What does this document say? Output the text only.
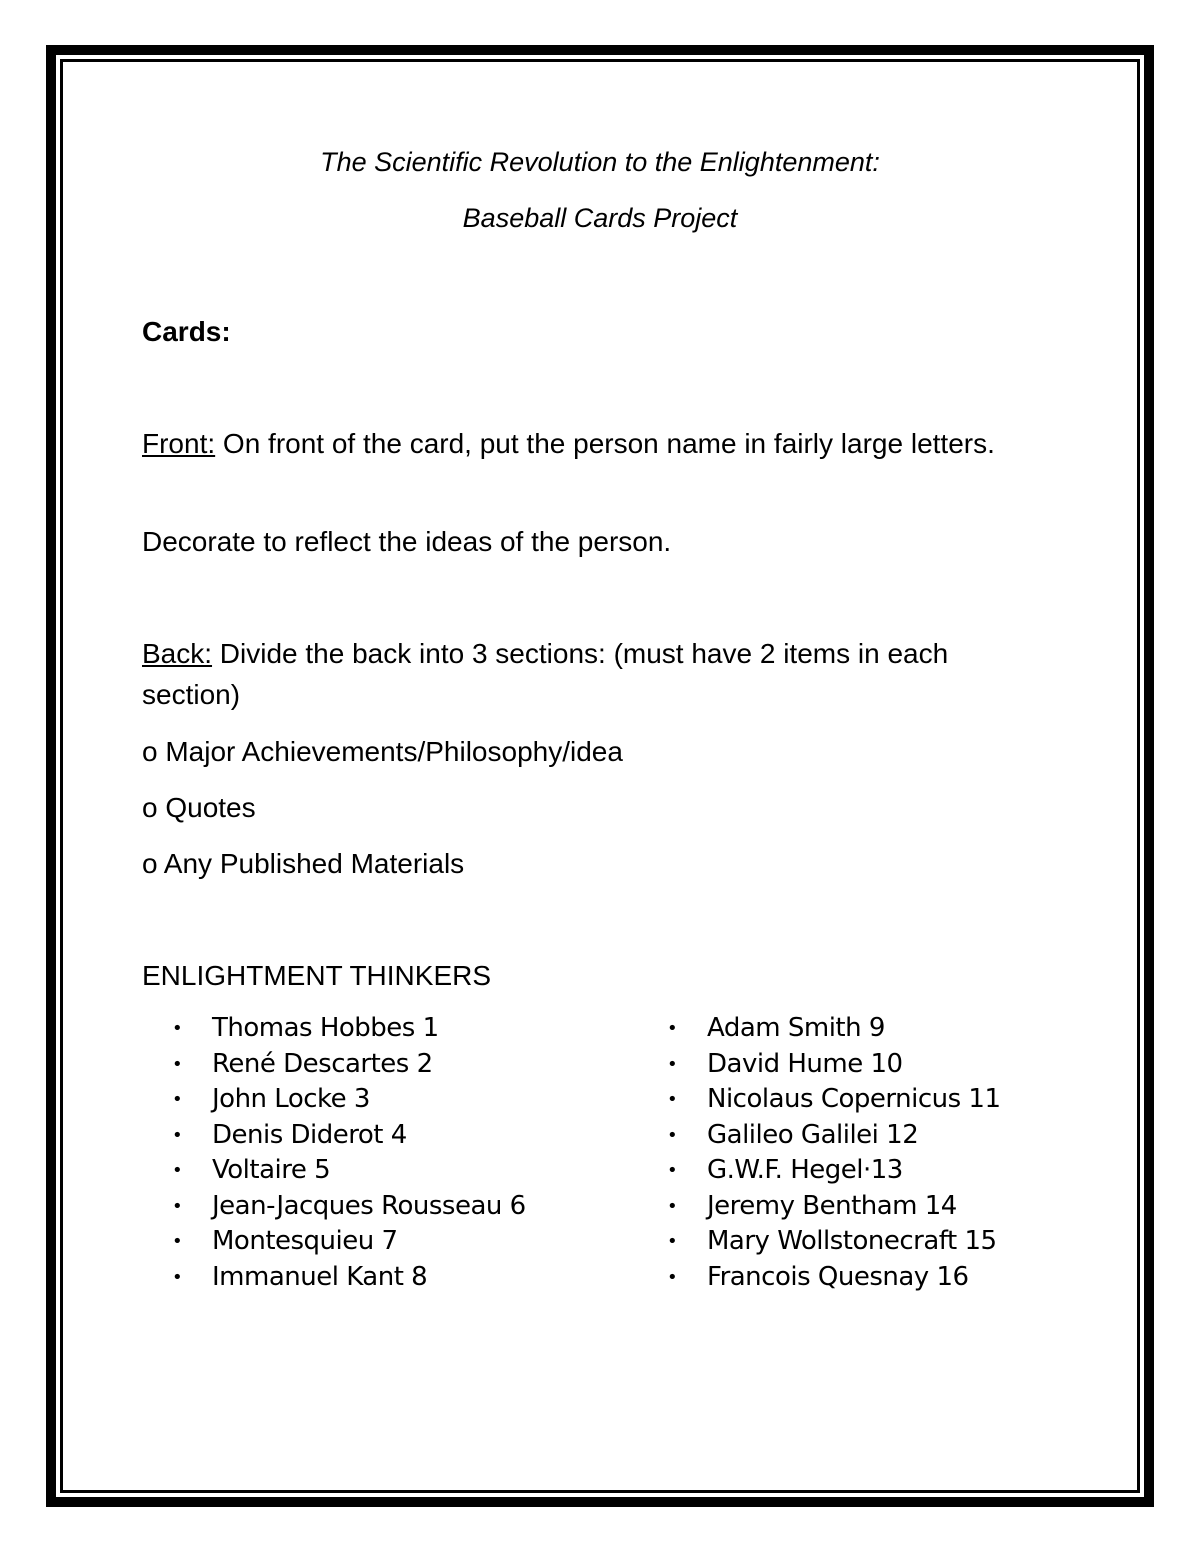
The Scientific Revolution to the Enlightenment:
Baseball Cards Project
Cards:
Front: On front of the card, put the person name in fairly large letters.
Decorate to reflect the ideas of the person.
Back: Divide the back into 3 sections: (must have 2 items in each section)
o Major Achievements/Philosophy/idea
o Quotes
o Any Published Materials
ENLIGHTMENT THINKERS
• Thomas Hobbes 1
• René Descartes 2
• John Locke 3
• Denis Diderot 4
• Voltaire 5
• Jean-Jacques Rousseau 6
• Montesquieu 7
• Immanuel Kant 8
• Adam Smith 9
• David Hume 10
• Nicolaus Copernicus 11
• Galileo Galilei 12
• G.W.F. Hegel·13
• Jeremy Bentham 14
• Mary Wollstonecraft 15
• Francois Quesnay 16
